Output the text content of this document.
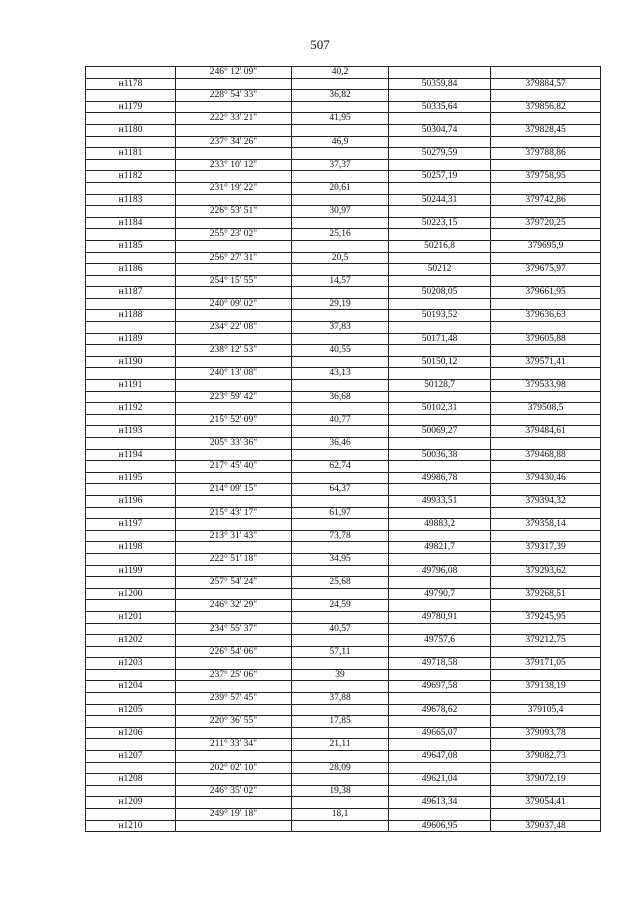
507
	246° 12' 09"	40,2		
н1178			50359,84	379884,57
	228° 54' 33"	36,82		
н1179			50335,64	379856,82
	222° 33' 21"	41,95		
н1180			50304,74	379828,45
	237° 34' 26"	46,9		
н1181			50279,59	379788,86
	233° 10' 12"	37,37		
н1182			50257,19	379758,95
	231° 19' 22"	20,61		
н1183			50244,31	379742,86
	226° 53' 51"	30,97		
н1184			50223,15	379720,25
	255° 23' 02"	25,16		
н1185			50216,8	379695,9
	256° 27' 31"	20,5		
н1186			50212	379675,97
	254° 15' 55"	14,57		
н1187			50208,05	379661,95
	240° 09' 02"	29,19		
н1188			50193,52	379636,63
	234° 22' 08"	37,83		
н1189			50171,48	379605,88
	238° 12' 53"	40,55		
н1190			50150,12	379571,41
	240° 13' 08"	43,13		
н1191			50128,7	379533,98
	223° 59' 42"	36,68		
н1192			50102,31	379508,5
	215° 52' 09"	40,77		
н1193			50069,27	379484,61
	205° 33' 36"	36,46		
н1194			50036,38	379468,88
	217° 45' 40"	62,74		
н1195			49986,78	379430,46
	214° 09' 15"	64,37		
н1196			49933,51	379394,32
	215° 43' 17"	61,97		
н1197			49883,2	379358,14
	213° 31' 43"	73,78		
н1198			49821,7	379317,39
	222° 51' 18"	34,95		
н1199			49796,08	379293,62
	257° 54' 24"	25,68		
н1200			49790,7	379268,51
	246° 32' 29"	24,59		
н1201			49780,91	379245,95
	234° 55' 37"	40,57		
н1202			49757,6	379212,75
	226° 54' 06"	57,11		
н1203			49718,58	379171,05
	237° 25' 06"	39		
н1204			49697,58	379138,19
	239° 57' 45"	37,88		
н1205			49678,62	379105,4
	220° 36' 55"	17,85		
н1206			49665,07	379093,78
	211° 33' 34"	21,11		
н1207			49647,08	379082,73
	202° 02' 10"	28,09		
н1208			49621,04	379072,19
	246° 35' 02"	19,38		
н1209			49613,34	379054,41
	249° 19' 18"	18,1		
н1210			49606,95	379037,48
